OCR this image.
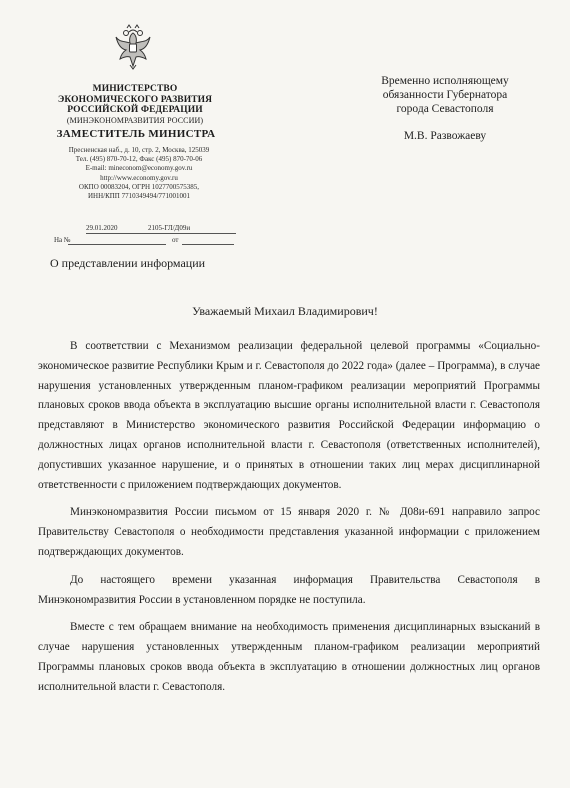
МИНИСТЕРСТВО
ЭКОНОМИЧЕСКОГО РАЗВИТИЯ
РОССИЙСКОЙ ФЕДЕРАЦИИ
(МИНЭКОНОМРАЗВИТИЯ РОССИИ)
ЗАМЕСТИТЕЛЬ МИНИСТРА
Пресненская наб., д. 10, стр. 2, Москва, 125039
Тел. (495) 870-70-12, Факс (495) 870-70-06
E-mail: mineconom@economy.gov.ru
http://www.economy.gov.ru
ОКПО 00083204, ОГРН 1027700575385,
ИНН/КПП 7710349494/771001001
29.01.2020	2105-ГЛ/Д09и
На №	от
О представлении информации
Временно исполняющему
обязанности Губернатора
города Севастополя
М.В. Развожаеву
Уважаемый Михаил Владимирович!

В соответствии с Механизмом реализации федеральной целевой программы «Социально-экономическое развитие Республики Крым и г. Севастополя до 2022 года» (далее – Программа), в случае нарушения установленных утвержденным планом-графиком реализации мероприятий Программы плановых сроков ввода объекта в эксплуатацию высшие органы исполнительной власти г. Севастополя представляют в Министерство экономического развития Российской Федерации информацию о должностных лицах органов исполнительной власти г. Севастополя (ответственных исполнителей), допустивших указанное нарушение, и о принятых в отношении таких лиц мерах дисциплинарной ответственности с приложением подтверждающих документов.

Минэкономразвития России письмом от 15 января 2020 г. № Д08и-691 направило запрос Правительству Севастополя о необходимости представления указанной информации с приложением подтверждающих документов.

До настоящего времени указанная информация Правительства Севастополя в Минэкономразвития России в установленном порядке не поступила.

Вместе с тем обращаем внимание на необходимость применения дисциплинарных взысканий в случае нарушения установленных утвержденным планом-графиком реализации мероприятий Программы плановых сроков ввода объекта в эксплуатацию в отношении должностных лиц органов исполнительной власти г. Севастополя.
